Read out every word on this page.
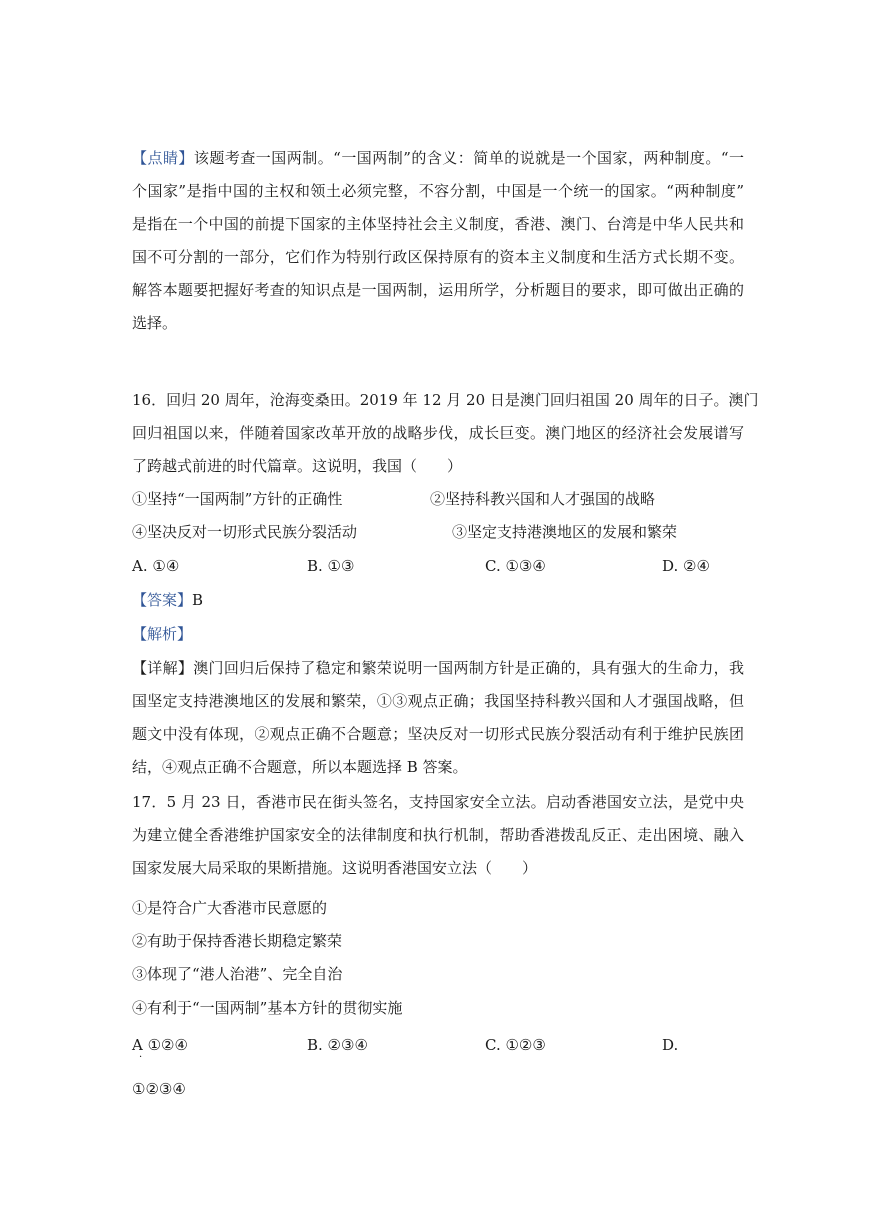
【点睛】该题考查一国两制。“一国两制”的含义：简单的说就是一个国家，两种制度。“一
个国家”是指中国的主权和领土必须完整，不容分割，中国是一个统一的国家。“两种制度”
是指在一个中国的前提下国家的主体坚持社会主义制度，香港、澳门、台湾是中华人民共和
国不可分割的一部分，它们作为特别行政区保持原有的资本主义制度和生活方式长期不变。
解答本题要把握好考查的知识点是一国两制，运用所学，分析题目的要求，即可做出正确的
选择。
16．回归 20 周年，沧海变桑田。2019 年 12 月 20 日是澳门回归祖国 20 周年的日子。澳门
回归祖国以来，伴随着国家改革开放的战略步伐，成长巨变。澳门地区的经济社会发展谱写
了跨越式前进的时代篇章。这说明，我国（　　）
①坚持“一国两制”方针的正确性	②坚持科教兴国和人才强国的战略
④坚决反对一切形式民族分裂活动	③坚定支持港澳地区的发展和繁荣
A. ①④	B. ①③	C. ①③④	D. ②④
【答案】B
【解析】
【详解】澳门回归后保持了稳定和繁荣说明一国两制方针是正确的，具有强大的生命力，我
国坚定支持港澳地区的发展和繁荣，①③观点正确；我国坚持科教兴国和人才强国战略，但
题文中没有体现，②观点正确不合题意；坚决反对一切形式民族分裂活动有利于维护民族团
结，④观点正确不合题意，所以本题选择 B 答案。
17．5 月 23 日，香港市民在街头签名，支持国家安全立法。启动香港国安立法，是党中央
为建立健全香港维护国家安全的法律制度和执行机制，帮助香港拨乱反正、走出困境、融入
国家发展大局采取的果断措施。这说明香港国安立法（　　）
①是符合广大香港市民意愿的
②有助于保持香港长期稳定繁荣
③体现了“港人治港”、完全自治
④有利于“一国两制”基本方针的贯彻实施
A ①②④
·
B. ②③④	C. ①②③	D.
①②③④
